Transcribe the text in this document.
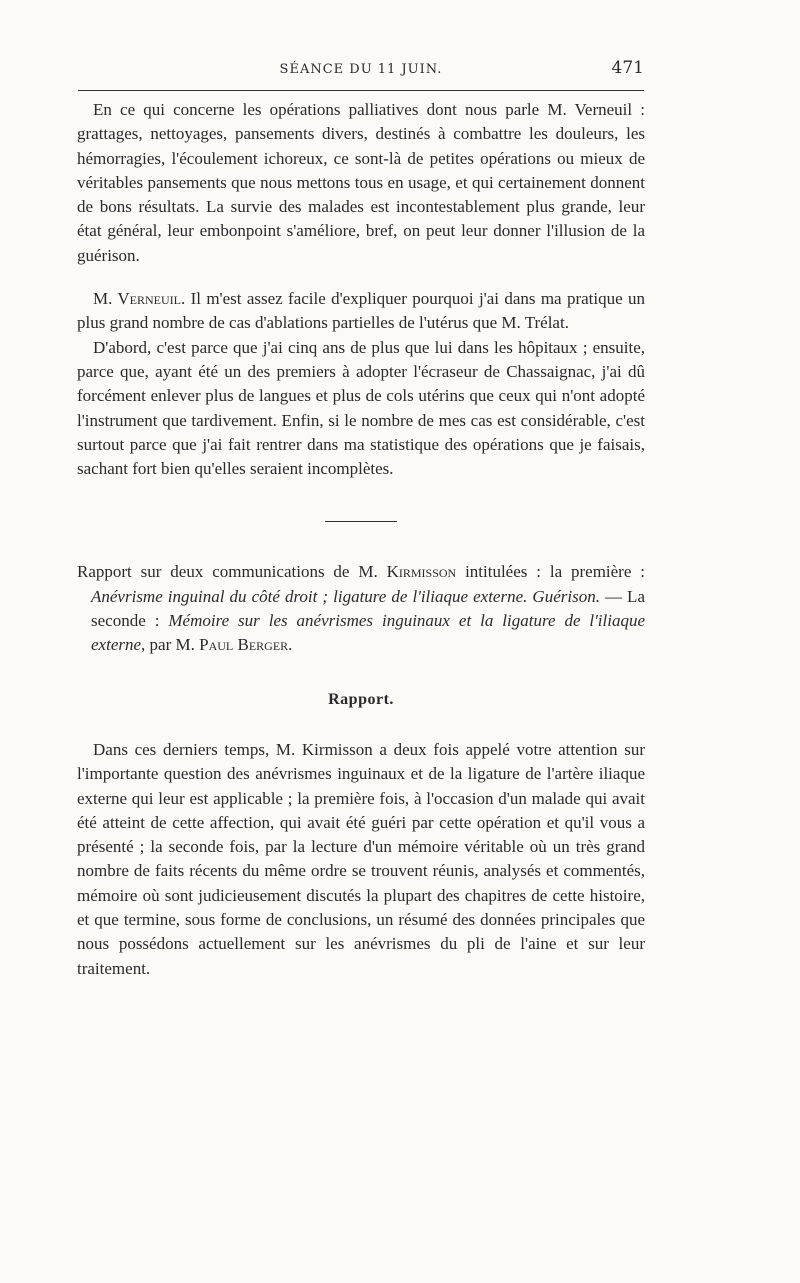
SÉANCE DU 11 JUIN.	471

En ce qui concerne les opérations palliatives dont nous parle M. Verneuil : grattages, nettoyages, pansements divers, destinés à combattre les douleurs, les hémorragies, l'écoulement ichoreux, ce sont-là de petites opérations ou mieux de véritables pansements que nous mettons tous en usage, et qui certainement donnent de bons résultats. La survie des malades est incontestablement plus grande, leur état général, leur embonpoint s'améliore, bref, on peut leur donner l'illusion de la guérison.

M. Verneuil. Il m'est assez facile d'expliquer pourquoi j'ai dans ma pratique un plus grand nombre de cas d'ablations partielles de l'utérus que M. Trélat.

D'abord, c'est parce que j'ai cinq ans de plus que lui dans les hôpitaux ; ensuite, parce que, ayant été un des premiers à adopter l'écraseur de Chassaignac, j'ai dû forcément enlever plus de langues et plus de cols utérins que ceux qui n'ont adopté l'instrument que tardivement. Enfin, si le nombre de mes cas est considérable, c'est surtout parce que j'ai fait rentrer dans ma statistique des opérations que je faisais, sachant fort bien qu'elles seraient incomplètes.

Rapport sur deux communications de M. Kirmisson intitulées : la première : Anévrisme inguinal du côté droit ; ligature de l'iliaque externe. Guérison. — La seconde : Mémoire sur les anévrismes inguinaux et la ligature de l'iliaque externe, par M. Paul Berger.

Rapport.

Dans ces derniers temps, M. Kirmisson a deux fois appelé votre attention sur l'importante question des anévrismes inguinaux et de la ligature de l'artère iliaque externe qui leur est applicable ; la première fois, à l'occasion d'un malade qui avait été atteint de cette affection, qui avait été guéri par cette opération et qu'il vous a présenté ; la seconde fois, par la lecture d'un mémoire véritable où un très grand nombre de faits récents du même ordre se trouvent réunis, analysés et commentés, mémoire où sont judicieusement discutés la plupart des chapitres de cette histoire, et que termine, sous forme de conclusions, un résumé des données principales que nous possédons actuellement sur les anévrismes du pli de l'aine et sur leur traitement.
